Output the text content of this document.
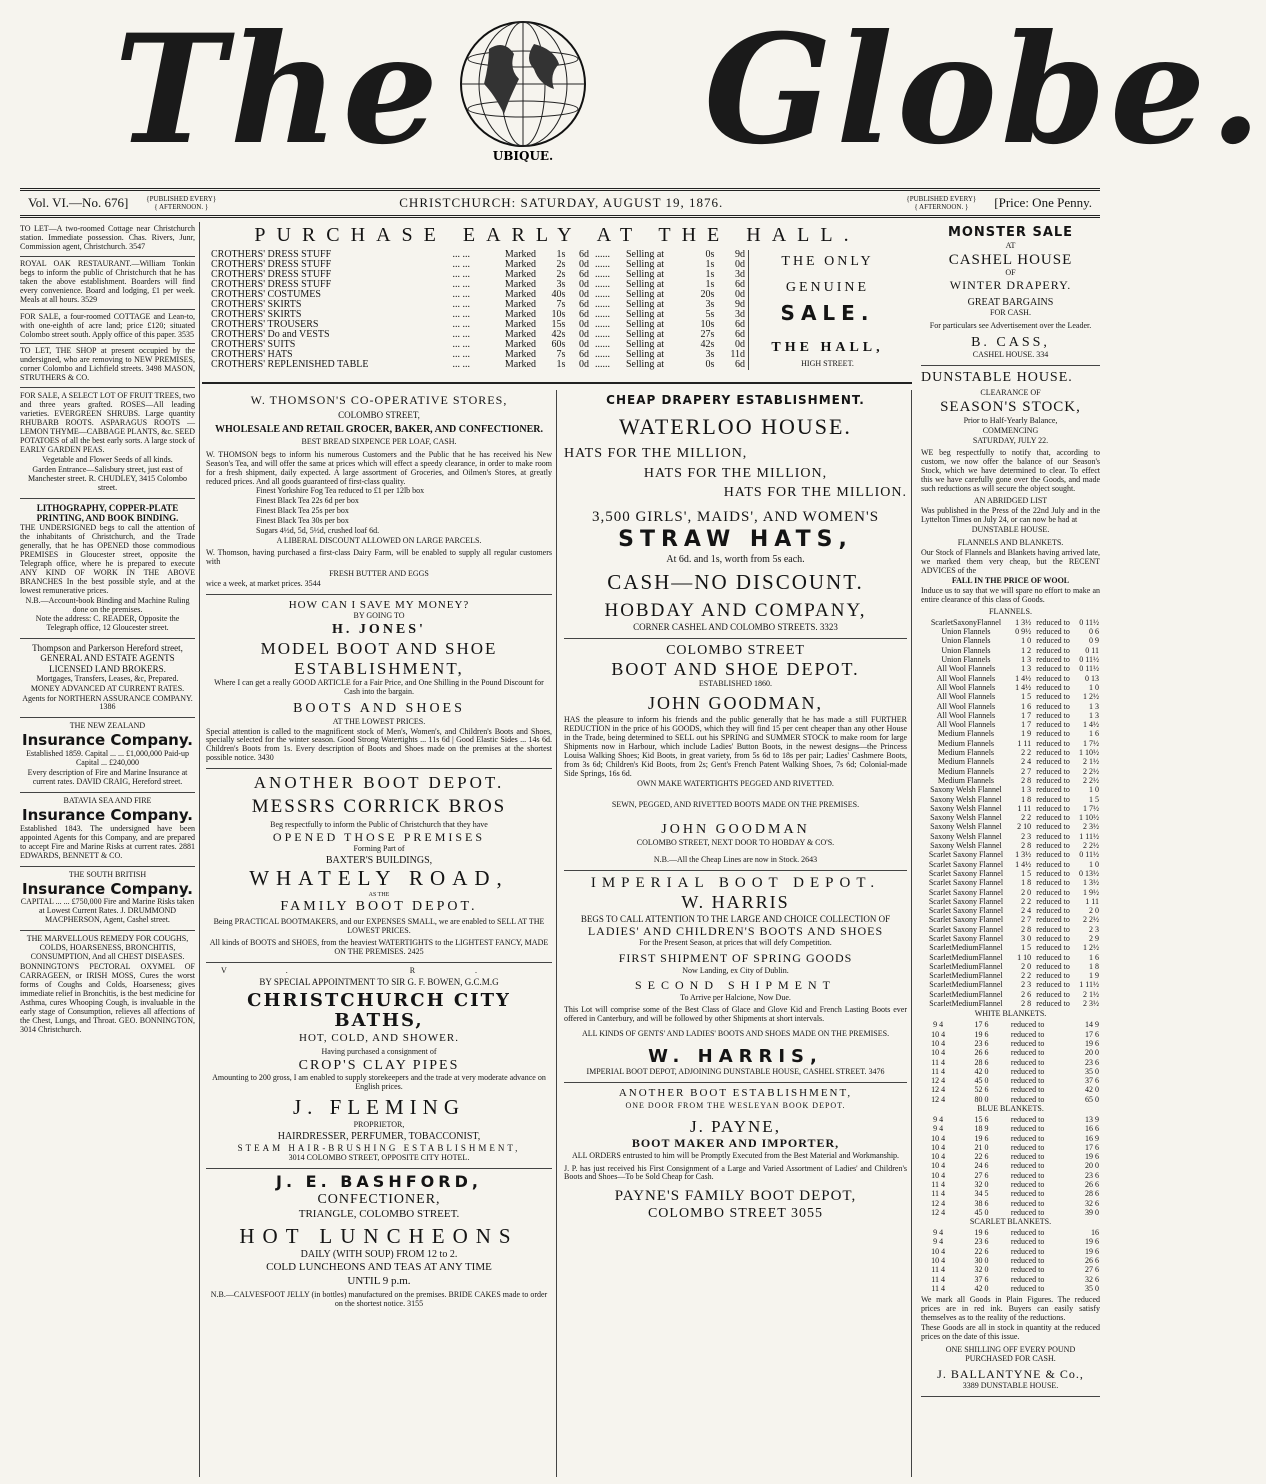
The	UBIQUE. Globe.
Vol. VI.—No. 676]	{PUBLISHED EVERY}
{ AFTERNOON. }	CHRISTCHURCH: SATURDAY, AUGUST 19, 1876.	{PUBLISHED EVERY}
{ AFTERNOON. }	[Price: One Penny.
TO LET—A two-roomed Cottage near Christchurch station. Immediate possession. Chas. Rivers, Junr, Commission agent, Christchurch. 3547
ROYAL OAK RESTAURANT.—William Tonkin begs to inform the public of Christchurch that he has taken the above establishment. Boarders will find every convenience. Board and lodging, £1 per week. Meals at all hours. 3529
FOR SALE, a four-roomed COTTAGE and Lean-to, with one-eighth of acre land; price £120; situated Colombo street south. Apply office of this paper. 3535
TO LET, THE SHOP at present occupied by the undersigned, who are removing to NEW PREMISES, corner Colombo and Lichfield streets. 3498 MASON, STRUTHERS & CO.

FOR SALE, A SELECT LOT OF FRUIT TREES, two and three years grafted. ROSES—All leading varieties. EVERGREEN SHRUBS. Large quantity RHUBARB ROOTS. ASPARAGUS ROOTS — LEMON THYME—CABBAGE PLANTS, &c. SEED POTATOES of all the best early sorts. A large stock of EARLY GARDEN PEAS.

Vegetable and Flower Seeds of all kinds.

Garden Entrance—Salisbury street, just east of Manchester street. R. CHUDLEY, 3415 Colombo street.

LITHOGRAPHY, COPPER-PLATE PRINTING, AND BOOK BINDING.

THE UNDERSIGNED begs to call the attention of the inhabitants of Christchurch, and the Trade generally, that he has OPENED those commodious PREMISES in Gloucester street, opposite the Telegraph office, where he is prepared to execute ANY KIND OF WORK IN THE ABOVE BRANCHES In the best possible style, and at the lowest remunerative prices.

N.B.—Account-book Binding and Machine Ruling done on the premises.

Note the address: C. READER, Opposite the Telegraph office, 12 Gloucester street.

Thompson and Parkerson Hereford street, GENERAL AND ESTATE AGENTS LICENSED LAND BROKERS.

Mortgages, Transfers, Leases, &c, Prepared.

MONEY ADVANCED AT CURRENT RATES.

Agents for NORTHERN ASSURANCE COMPANY. 1386

THE NEW ZEALAND

Insurance Company.

Established 1859. Capital ... ... £1,000,000 Paid-up Capital ... £240,000

Every description of Fire and Marine Insurance at current rates. DAVID CRAIG, Hereford street.

BATAVIA SEA AND FIRE

Insurance Company.

Established 1843. The undersigned have been appointed Agents for this Company, and are prepared to accept Fire and Marine Risks at current rates. 2881 EDWARDS, BENNETT & CO.

THE SOUTH BRITISH

Insurance Company.

CAPITAL ... ... £750,000 Fire and Marine Risks taken at Lowest Current Rates. J. DRUMMOND MACPHERSON, Agent, Cashel street.

THE MARVELLOUS REMEDY FOR COUGHS, COLDS, HOARSENESS, BRONCHITIS, CONSUMPTION, And all CHEST DISEASES.

BONNINGTON'S PECTORAL OXYMEL OF CARRAGEEN, or IRISH MOSS, Cures the worst forms of Coughs and Colds, Hoarseness; gives immediate relief in Bronchitis, is the best medicine for Asthma, cures Whooping Cough, is invaluable in the early stage of Consumption, relieves all affections of the Chest, Lungs, and Throat. GEO. BONNINGTON, 3014 Christchurch.

PURCHASE EARLY AT THE HALL.
CROTHERS' DRESS STUFF	... ...	Marked	1s	6d	......	Selling at	0s	9d
CROTHERS' DRESS STUFF	... ...	Marked	2s	0d	......	Selling at	1s	0d
CROTHERS' DRESS STUFF	... ...	Marked	2s	6d	......	Selling at	1s	3d
CROTHERS' DRESS STUFF	... ...	Marked	3s	0d	......	Selling at	1s	6d
CROTHERS' COSTUMES	... ...	Marked	40s	0d	......	Selling at	20s	0d
CROTHERS' SKIRTS	... ...	Marked	7s	6d	......	Selling at	3s	9d
CROTHERS' SKIRTS	... ...	Marked	10s	6d	......	Selling at	5s	3d
CROTHERS' TROUSERS	... ...	Marked	15s	0d	......	Selling at	10s	6d
CROTHERS' Do and VESTS	... ...	Marked	42s	0d	......	Selling at	27s	6d
CROTHERS' SUITS	... ...	Marked	60s	0d	......	Selling at	42s	0d
CROTHERS' HATS	... ...	Marked	7s	6d	......	Selling at	3s	11d
CROTHERS' REPLENISHED TABLE	... ...	Marked	1s	0d	......	Selling at	0s	6d

THE ONLY

GENUINE

SALE.

THE HALL,

HIGH STREET.

W. THOMSON'S CO-OPERATIVE STORES,

COLOMBO STREET,

WHOLESALE AND RETAIL GROCER, BAKER, AND CONFECTIONER.

BEST BREAD SIXPENCE PER LOAF, CASH.

W. THOMSON begs to inform his numerous Customers and the Public that he has received his New Season's Tea, and will offer the same at prices which will effect a speedy clearance, in order to make room for a fresh shipment, daily expected. A large assortment of Groceries, and Oilmen's Stores, at greatly reduced prices. And all goods guaranteed of first-class quality.

Finest Yorkshire Fog Tea reduced to £1 per 12lb box

Finest Black Tea 22s 6d per box

Finest Black Tea 25s per box

Finest Black Tea 30s per box

Sugars 4½d, 5d, 5½d, crushed loaf 6d.

A LIBERAL DISCOUNT ALLOWED ON LARGE PARCELS.

W. Thomson, having purchased a first-class Dairy Farm, will be enabled to supply all regular customers with

FRESH BUTTER AND EGGS

wice a week, at market prices. 3544

HOW CAN I SAVE MY MONEY?

BY GOING TO

H. JONES'

MODEL BOOT AND SHOE

ESTABLISHMENT,

Where I can get a really GOOD ARTICLE for a Fair Price, and One Shilling in the Pound Discount for Cash into the bargain.

BOOTS AND SHOES

AT THE LOWEST PRICES.

Special attention is called to the magnificent stock of Men's, Women's, and Children's Boots and Shoes, specially selected for the winter season. Good Strong Watertights ... 11s 6d | Good Elastic Sides ... 14s 6d. Children's Boots from 1s. Every description of Boots and Shoes made on the premises at the shortest possible notice. 3430

ANOTHER BOOT DEPOT.

MESSRS CORRICK BROS

Beg respectfully to inform the Public of Christchurch that they have

OPENED THOSE PREMISES

Forming Part of

BAXTER'S BUILDINGS,

WHATELY ROAD,

AS THE

FAMILY BOOT DEPOT.

Being PRACTICAL BOOTMAKERS, and our EXPENSES SMALL, we are enabled to SELL AT THE LOWEST PRICES.

All kinds of BOOTS and SHOES, from the heaviest WATERTIGHTS to the LIGHTEST FANCY, MADE ON THE PREMISES. 2425

V. R.

BY SPECIAL APPOINTMENT TO SIR G. F. BOWEN, G.C.M.G

CHRISTCHURCH CITY BATHS,

HOT, COLD, AND SHOWER.

Having purchased a consignment of

CROP'S CLAY PIPES

Amounting to 200 gross, I am enabled to supply storekeepers and the trade at very moderate advance on English prices.

J. FLEMING

PROPRIETOR,

HAIRDRESSER, PERFUMER, TOBACCONIST,

STEAM HAIR-BRUSHING ESTABLISHMENT,

3014 COLOMBO STREET, OPPOSITE CITY HOTEL.

J. E. BASHFORD,

CONFECTIONER,

TRIANGLE, COLOMBO STREET.

HOT LUNCHEONS

DAILY (WITH SOUP) FROM 12 to 2.

COLD LUNCHEONS AND TEAS AT ANY TIME

UNTIL 9 p.m.

N.B.—CALVESFOOT JELLY (in bottles) manufactured on the premises. BRIDE CAKES made to order on the shortest notice. 3155

CHEAP DRAPERY ESTABLISHMENT.

WATERLOO HOUSE.

HATS FOR THE MILLION,

HATS FOR THE MILLION,

HATS FOR THE MILLION.

3,500 GIRLS', MAIDS', AND WOMEN'S

STRAW HATS,

At 6d. and 1s, worth from 5s each.

CASH—NO DISCOUNT.

HOBDAY AND COMPANY,

CORNER CASHEL AND COLOMBO STREETS. 3323

COLOMBO STREET

BOOT AND SHOE DEPOT.

ESTABLISHED 1860.

JOHN GOODMAN,

HAS the pleasure to inform his friends and the public generally that he has made a still FURTHER REDUCTION in the price of his GOODS, which they will find 15 per cent cheaper than any other House in the Trade, being determined to SELL out his SPRING and SUMMER STOCK to make room for large Shipments now in Harbour, which include Ladies' Button Boots, in the newest designs—the Princess Louisa Walking Shoes; Kid Boots, in great variety, from 5s 6d to 18s per pair; Ladies' Cashmere Boots, from 3s 6d; Children's Kid Boots, from 2s; Gent's French Patent Walking Shoes, 7s 6d; Colonial-made Side Springs, 16s 6d.

OWN MAKE WATERTIGHTS PEGGED AND RIVETTED.

SEWN, PEGGED, AND RIVETTED BOOTS MADE ON THE PREMISES.

JOHN GOODMAN

COLOMBO STREET, NEXT DOOR TO HOBDAY & CO'S.

N.B.—All the Cheap Lines are now in Stock. 2643

IMPERIAL BOOT DEPOT.

W. HARRIS

BEGS TO CALL ATTENTION TO THE LARGE AND CHOICE COLLECTION OF

LADIES' AND CHILDREN'S BOOTS AND SHOES

For the Present Season, at prices that will defy Competition.

FIRST SHIPMENT OF SPRING GOODS

Now Landing, ex City of Dublin.

SECOND SHIPMENT

To Arrive per Halcione, Now Due.

This Lot will comprise some of the Best Class of Glace and Glove Kid and French Lasting Boots ever offered in Canterbury, and will be followed by other Shipments at short intervals.

ALL KINDS OF GENTS' AND LADIES' BOOTS AND SHOES MADE ON THE PREMISES.

W. HARRIS,

IMPERIAL BOOT DEPOT, ADJOINING DUNSTABLE HOUSE, CASHEL STREET. 3476

ANOTHER BOOT ESTABLISHMENT,

ONE DOOR FROM THE WESLEYAN BOOK DEPOT.

J. PAYNE,

BOOT MAKER AND IMPORTER,

ALL ORDERS entrusted to him will be Promptly Executed from the Best Material and Workmanship.

J. P. has just received his First Consignment of a Large and Varied Assortment of Ladies' and Children's Boots and Shoes—To be Sold Cheap for Cash.

PAYNE'S FAMILY BOOT DEPOT,

COLOMBO STREET 3055

MONSTER SALE

AT

CASHEL HOUSE

OF

WINTER DRAPERY.

GREAT BARGAINS

FOR CASH.

For particulars see Advertisement over the Leader.

B. CASS,

CASHEL HOUSE. 334

DUNSTABLE HOUSE.

CLEARANCE OF

SEASON'S STOCK,

Prior to Half-Yearly Balance,

COMMENCING

SATURDAY, JULY 22.

WE beg respectfully to notify that, according to custom, we now offer the balance of our Season's Stock, which we have determined to clear. To effect this we have carefully gone over the Goods, and made such reductions as will secure the object sought.

AN ABRIDGED LIST

Was published in the Press of the 22nd July and in the Lyttelton Times on July 24, or can now be had at

DUNSTABLE HOUSE.

FLANNELS AND BLANKETS.

Our Stock of Flannels and Blankets having arrived late, we marked them very cheap, but the RECENT ADVICES of the

FALL IN THE PRICE OF WOOL

Induce us to say that we will spare no effort to make an entire clearance of this class of Goods.

FLANNELS.

ScarletSaxonyFlannel	1 3½	reduced to	0 11½
Union Flannels	0 9½	reduced to	0 6
Union Flannels	1 0	reduced to	0 9
Union Flannels	1 2	reduced to	0 11
Union Flannels	1 3	reduced to	0 11½
All Wool Flannels	1 3	reduced to	0 11½
All Wool Flannels	1 4½	reduced to	0 13
All Wool Flannels	1 4½	reduced to	1 0
All Wool Flannels	1 5	reduced to	1 2½
All Wool Flannels	1 6	reduced to	1 3
All Wool Flannels	1 7	reduced to	1 3
All Wool Flannels	1 7	reduced to	1 4½
Medium Flannels	1 9	reduced to	1 6
Medium Flannels	1 11	reduced to	1 7½
Medium Flannels	2 2	reduced to	1 10½
Medium Flannels	2 4	reduced to	2 1½
Medium Flannels	2 7	reduced to	2 2½
Medium Flannels	2 8	reduced to	2 2½
Saxony Welsh Flannel	1 3	reduced to	1 0
Saxony Welsh Flannel	1 8	reduced to	1 5
Saxony Welsh Flannel	1 11	reduced to	1 7½
Saxony Welsh Flannel	2 2	reduced to	1 10½
Saxony Welsh Flannel	2 10	reduced to	2 3½
Saxony Welsh Flannel	2 3	reduced to	1 11½
Saxony Welsh Flannel	2 8	reduced to	2 2½
Scarlet Saxony Flannel	1 3½	reduced to	0 11½
Scarlet Saxony Flannel	1 4½	reduced to	1 0
Scarlet Saxony Flannel	1 5	reduced to	0 13½
Scarlet Saxony Flannel	1 8	reduced to	1 3½
Scarlet Saxony Flannel	2 0	reduced to	1 9½
Scarlet Saxony Flannel	2 2	reduced to	1 11
Scarlet Saxony Flannel	2 4	reduced to	2 0
Scarlet Saxony Flannel	2 7	reduced to	2 2½
Scarlet Saxony Flannel	2 8	reduced to	2 3
Scarlet Saxony Flannel	3 0	reduced to	2 9
ScarletMediumFlannel	1 5	reduced to	1 2½
ScarletMediumFlannel	1 10	reduced to	1 6
ScarletMediumFlannel	2 0	reduced to	1 8
ScarletMediumFlannel	2 2	reduced to	1 9
ScarletMediumFlannel	2 3	reduced to	1 11½
ScarletMediumFlannel	2 6	reduced to	2 1½
ScarletMediumFlannel	2 8	reduced to	2 3½

WHITE BLANKETS.

9 4	17 6	reduced to	14 9
10 4	19 6	reduced to	17 6
10 4	23 6	reduced to	19 6
10 4	26 6	reduced to	20 0
11 4	28 6	reduced to	23 6
11 4	42 0	reduced to	35 0
12 4	45 0	reduced to	37 6
12 4	52 6	reduced to	42 0
12 4	80 0	reduced to	65 0

BLUE BLANKETS.

9 4	15 6	reduced to	13 9
9 4	18 9	reduced to	16 6
10 4	19 6	reduced to	16 9
10 4	21 0	reduced to	17 6
10 4	22 6	reduced to	19 6
10 4	24 6	reduced to	20 0
10 4	27 6	reduced to	23 6
11 4	32 0	reduced to	26 6
11 4	34 5	reduced to	28 6
12 4	38 6	reduced to	32 6
12 4	45 0	reduced to	39 0

SCARLET BLANKETS.

9 4	19 6	reduced to	16
9 4	23 6	reduced to	19 6
10 4	22 6	reduced to	19 6
10 4	30 0	reduced to	26 6
11 4	32 0	reduced to	27 6
11 4	37 6	reduced to	32 6
11 4	42 0	reduced to	35 0

We mark all Goods in Plain Figures. The reduced prices are in red ink. Buyers can easily satisfy themselves as to the reality of the reductions.

These Goods are all in stock in quantity at the reduced prices on the date of this issue.

ONE SHILLING OFF EVERY POUND PURCHASED FOR CASH.

J. BALLANTYNE & Co.,

3389 DUNSTABLE HOUSE.
